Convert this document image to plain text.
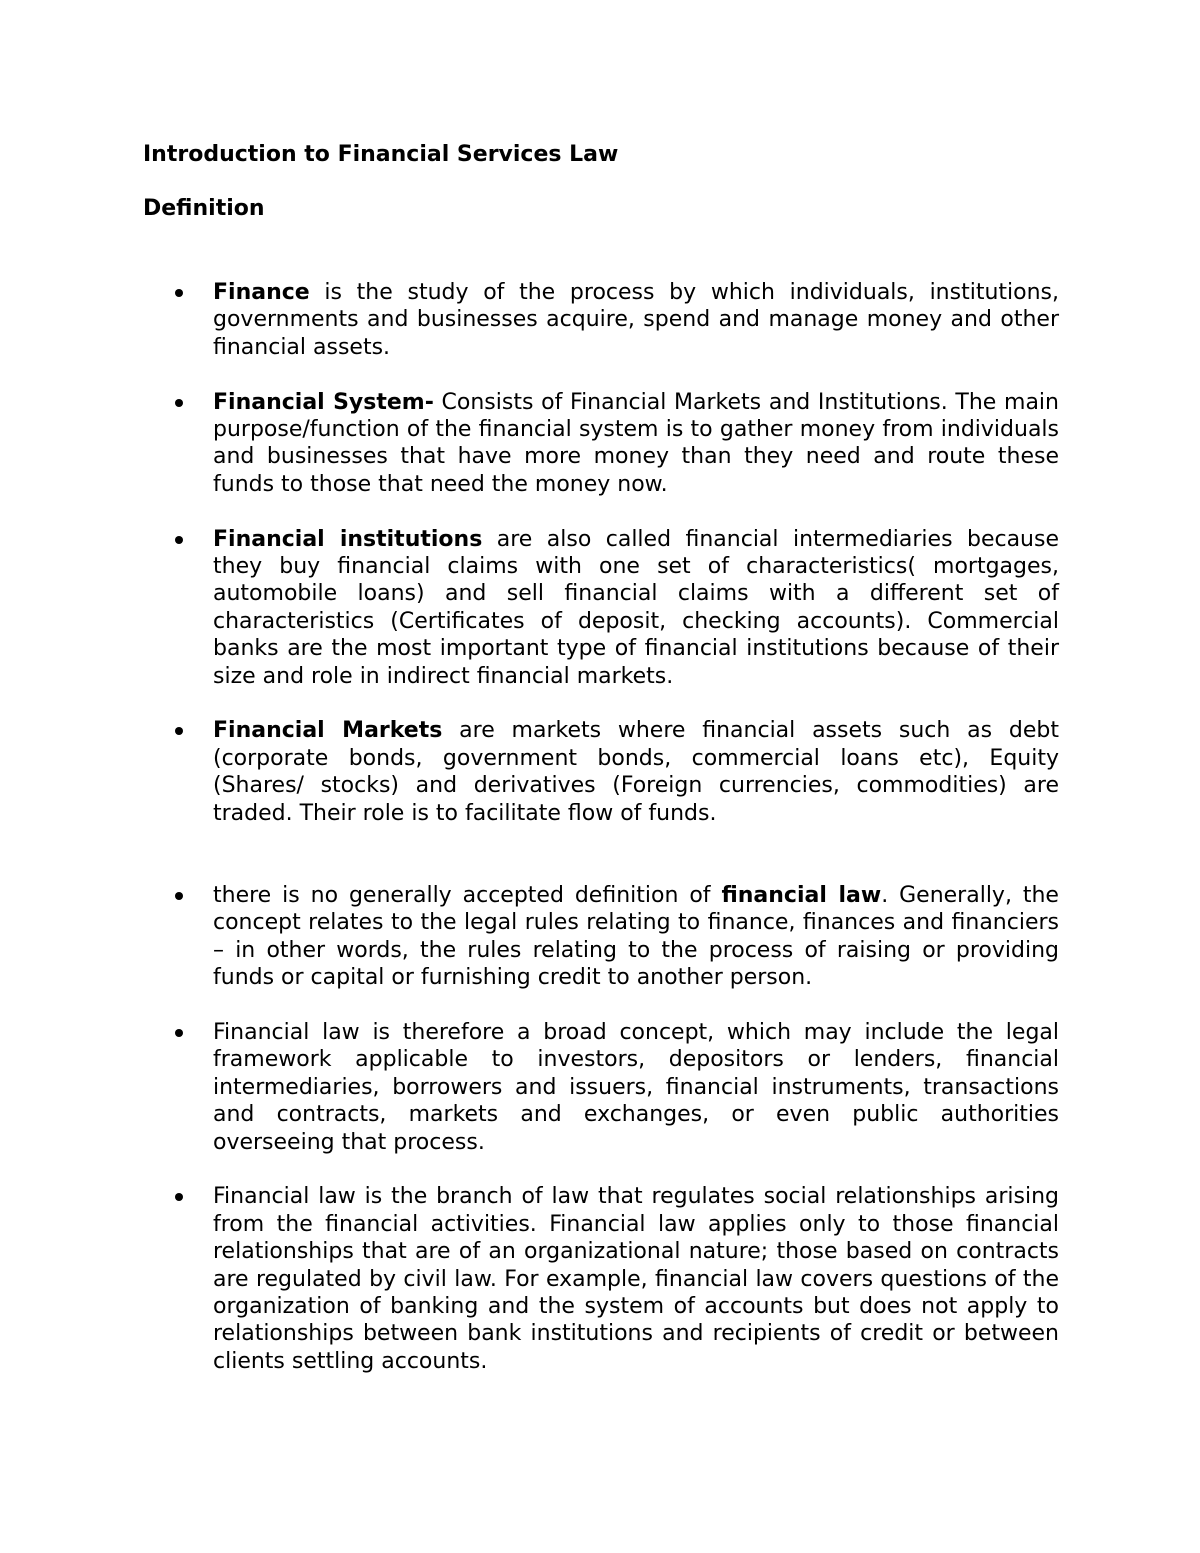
Introduction to Financial Services Law
Definition
Finance is the study of the process by which individuals, institutions, governments and businesses acquire, spend and manage money and other financial assets.
Financial System- Consists of Financial Markets and Institutions. The main purpose/function of the financial system is to gather money from individuals and businesses that have more money than they need and route these funds to those that need the money now.
Financial institutions are also called financial intermediaries because they buy financial claims with one set of characteristics( mortgages, automobile loans) and sell financial claims with a different set of characteristics (Certificates of deposit, checking accounts). Commercial banks are the most important type of financial institutions because of their size and role in indirect financial markets.
Financial Markets are markets where financial assets such as debt (corporate bonds, government bonds, commercial loans etc), Equity (Shares/ stocks) and derivatives (Foreign currencies, commodities) are traded. Their role is to facilitate flow of funds.
there is no generally accepted definition of financial law. Generally, the concept relates to the legal rules relating to finance, finances and financiers – in other words, the rules relating to the process of raising or providing funds or capital or furnishing credit to another person.
Financial law is therefore a broad concept, which may include the legal framework applicable to investors, depositors or lenders, financial intermediaries, borrowers and issuers, financial instruments, transactions and contracts, markets and exchanges, or even public authorities overseeing that process.
Financial law is the branch of law that regulates social relationships arising from the financial activities. Financial law applies only to those financial relationships that are of an organizational nature; those based on contracts are regulated by civil law. For example, financial law covers questions of the organization of banking and the system of accounts but does not apply to relationships between bank institutions and recipients of credit or between clients settling accounts.
